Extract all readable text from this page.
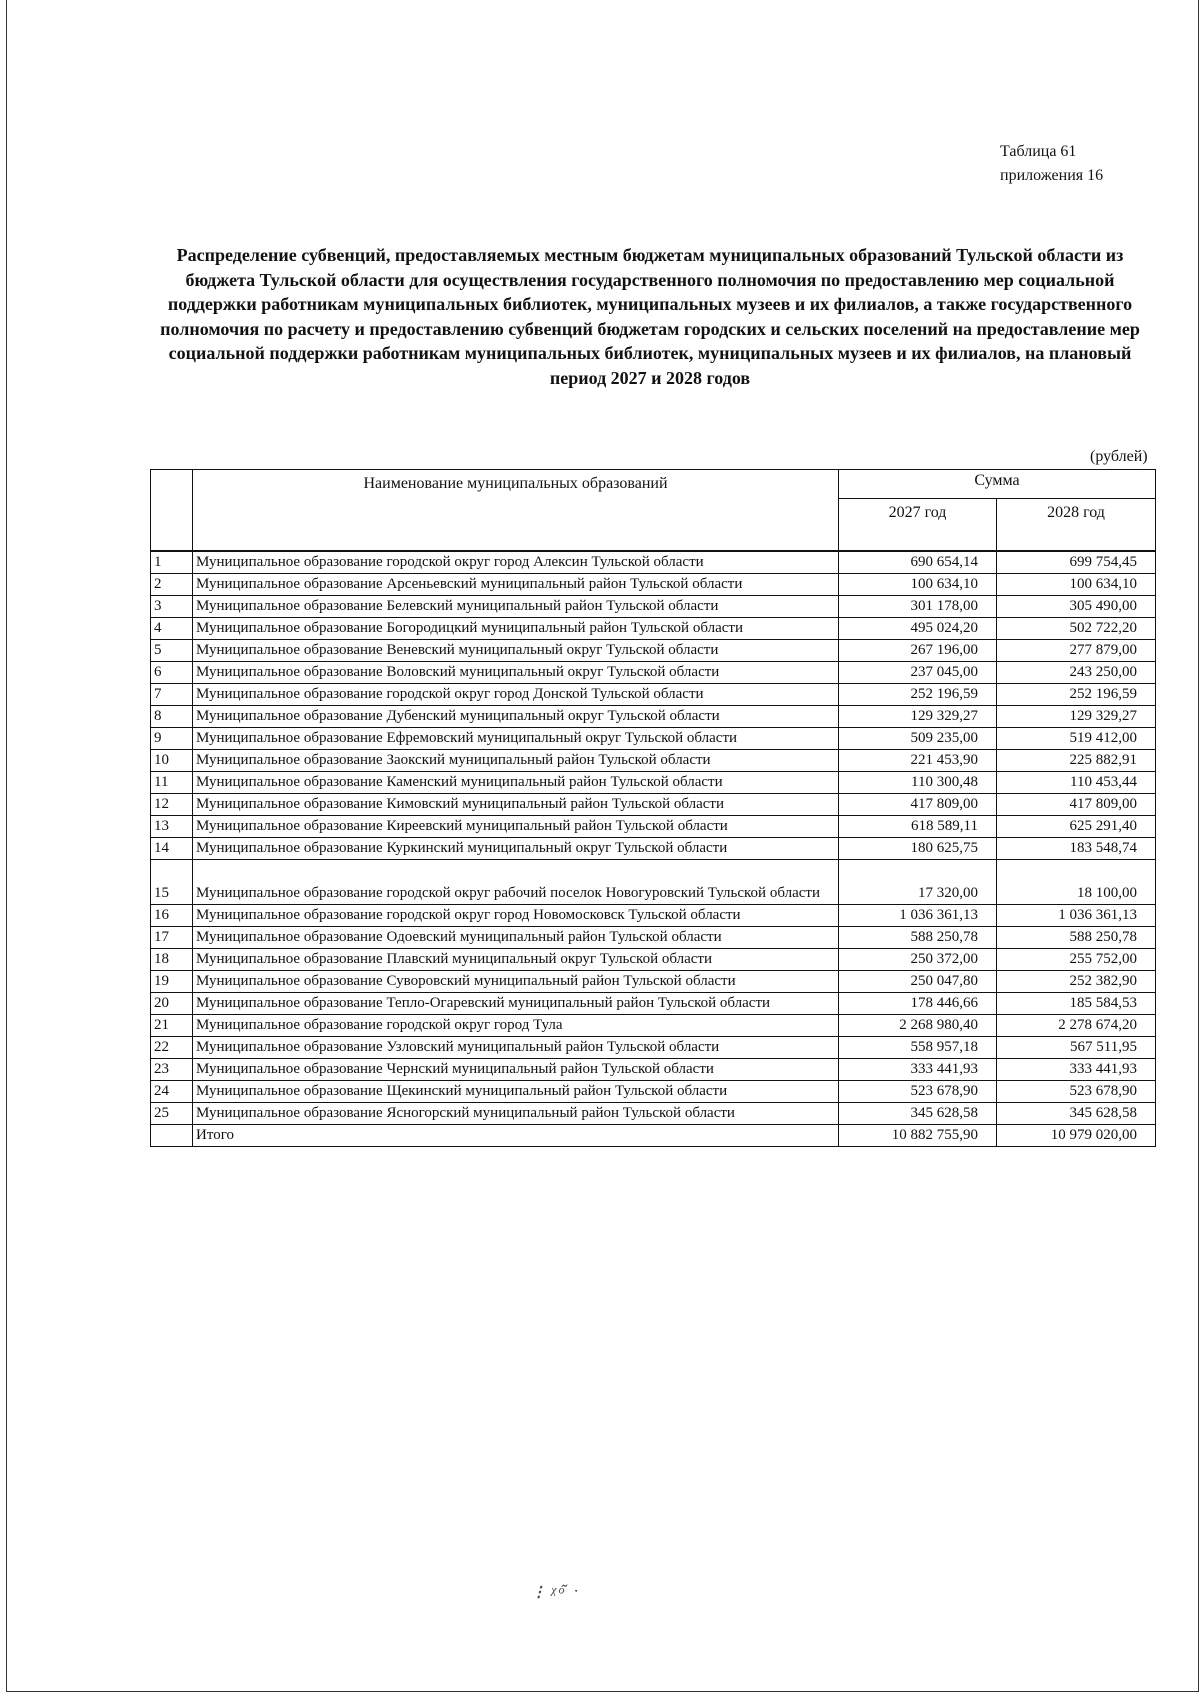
Таблица 61
приложения 16
Распределение субвенций, предоставляемых местным бюджетам муниципальных образований Тульской области из бюджета Тульской области для осуществления государственного полномочия по предоставлению мер социальной поддержки работникам муниципальных библиотек, муниципальных музеев и их филиалов, а также государственного полномочия по расчету и предоставлению субвенций бюджетам городских и сельских поселений на предоставление мер социальной поддержки работникам муниципальных библиотек, муниципальных музеев и их филиалов, на плановый период 2027 и 2028 годов
(рублей)
	Наименование муниципальных образований	Сумма	
		2027 год	2028 год
1	Муниципальное образование городской округ город Алексин Тульской области	690 654,14	699 754,45
2	Муниципальное образование Арсеньевский муниципальный район Тульской области	100 634,10	100 634,10
3	Муниципальное образование Белевский муниципальный район Тульской области	301 178,00	305 490,00
4	Муниципальное образование Богородицкий муниципальный район Тульской области	495 024,20	502 722,20
5	Муниципальное образование Веневский муниципальный округ Тульской области	267 196,00	277 879,00
6	Муниципальное образование Воловский муниципальный округ Тульской области	237 045,00	243 250,00
7	Муниципальное образование городской округ город Донской Тульской области	252 196,59	252 196,59
8	Муниципальное образование Дубенский муниципальный округ Тульской области	129 329,27	129 329,27
9	Муниципальное образование Ефремовский муниципальный округ Тульской области	509 235,00	519 412,00
10	Муниципальное образование Заокский муниципальный район Тульской области	221 453,90	225 882,91
11	Муниципальное образование Каменский муниципальный район Тульской области	110 300,48	110 453,44
12	Муниципальное образование Кимовский муниципальный район Тульской области	417 809,00	417 809,00
13	Муниципальное образование Киреевский муниципальный район Тульской области	618 589,11	625 291,40
14	Муниципальное образование Куркинский муниципальный округ Тульской области	180 625,75	183 548,74
15	Муниципальное образование городской округ рабочий поселок Новогуровский Тульской области	17 320,00	18 100,00
16	Муниципальное образование городской округ город Новомосковск Тульской области	1 036 361,13	1 036 361,13
17	Муниципальное образование Одоевский муниципальный район Тульской области	588 250,78	588 250,78
18	Муниципальное образование Плавский муниципальный округ Тульской области	250 372,00	255 752,00
19	Муниципальное образование Суворовский муниципальный район Тульской области	250 047,80	252 382,90
20	Муниципальное образование Тепло-Огаревский муниципальный район Тульской области	178 446,66	185 584,53
21	Муниципальное образование городской округ город Тула	2 268 980,40	2 278 674,20
22	Муниципальное образование Узловский муниципальный район Тульской области	558 957,18	567 511,95
23	Муниципальное образование Чернский муниципальный район Тульской области	333 441,93	333 441,93
24	Муниципальное образование Щекинский муниципальный район Тульской области	523 678,90	523 678,90
25	Муниципальное образование Ясногорский муниципальный район Тульской области	345 628,58	345 628,58
	Итого	10 882 755,90	10 979 020,00
⁝ ᵡᵒ᷉ ˑ
